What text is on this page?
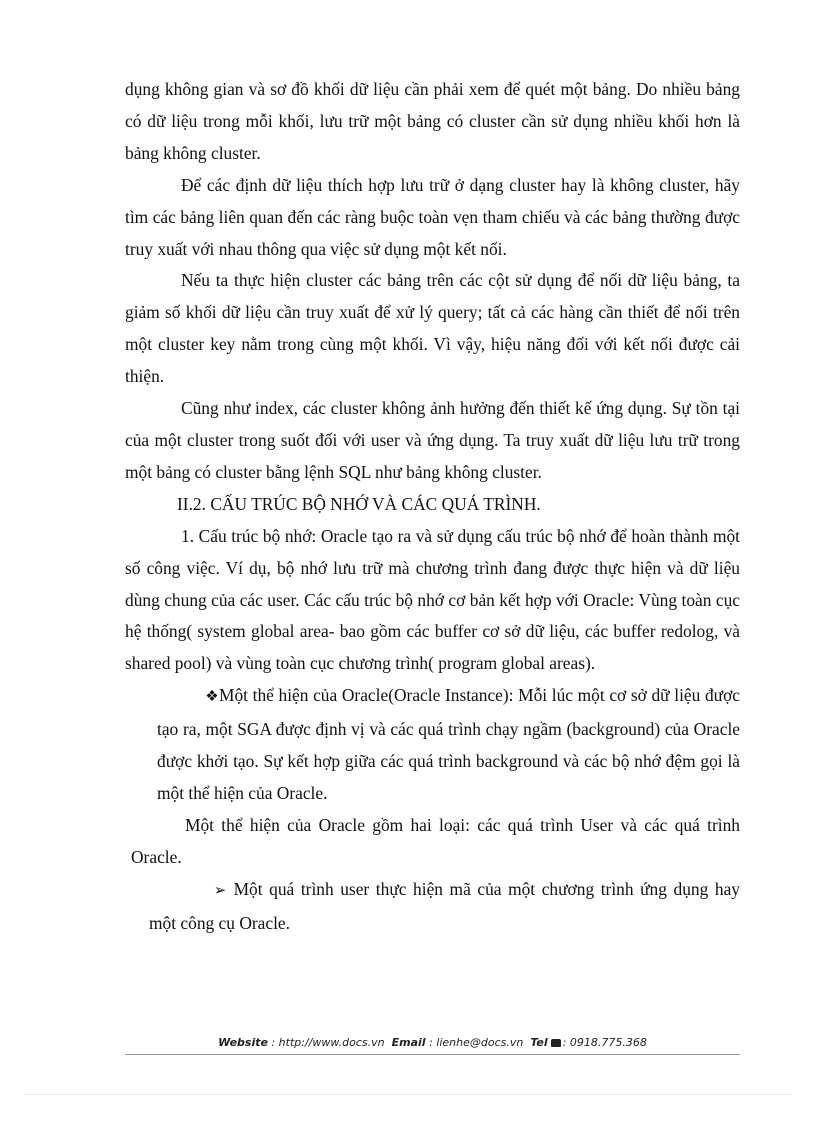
dụng không gian và sơ đồ khối dữ liệu cần phải xem để quét một bảng. Do nhiều bảng có dữ liệu trong mỗi khối, lưu trữ một bảng có cluster cần sử dụng nhiều khối hơn là bảng không cluster.

Để các định dữ liệu thích hợp lưu trữ ở dạng cluster hay là không cluster, hãy tìm các bảng liên quan đến các ràng buộc toàn vẹn tham chiếu và các bảng thường được truy xuất với nhau thông qua việc sử dụng một kết nối.

Nếu ta thực hiện cluster các bảng trên các cột sử dụng để nối dữ liệu bảng, ta giảm số khối dữ liệu cần truy xuất để xử lý query; tất cả các hàng cần thiết để nối trên một cluster key nằm trong cùng một khối. Vì vậy, hiệu năng đối với kết nối được cải thiện.

Cũng như index, các cluster không ảnh hưởng đến thiết kế ứng dụng. Sự tồn tại của một cluster trong suốt đối với user và ứng dụng. Ta truy xuất dữ liệu lưu trữ trong một bảng có cluster bằng lệnh SQL như bảng không cluster.

II.2. CẤU TRÚC BỘ NHỚ VÀ CÁC QUÁ TRÌNH.

1. Cấu trúc bộ nhớ: Oracle tạo ra và sử dụng cấu trúc bộ nhớ để hoàn thành một số công việc. Ví dụ, bộ nhớ lưu trữ mà chương trình đang được thực hiện và dữ liệu dùng chung của các user. Các cấu trúc bộ nhớ cơ bản kết hợp với Oracle: Vùng toàn cục hệ thống( system global area- bao gồm các buffer cơ sở dữ liệu, các buffer redolog, và shared pool) và vùng toàn cục chương trình( program global areas).

❖Một thể hiện của Oracle(Oracle Instance): Mỗi lúc một cơ sở dữ liệu được tạo ra, một SGA được định vị và các quá trình chạy ngầm (background) của Oracle được khởi tạo. Sự kết hợp giữa các quá trình background và các bộ nhớ đệm gọi là một thể hiện của Oracle.

Một thể hiện của Oracle gồm hai loại: các quá trình User và các quá trình Oracle.

➢ Một quá trình user thực hiện mã của một chương trình ứng dụng hay một công cụ Oracle.

Website : http://www.docs.vn Email : lienhe@docs.vn Tel : 0918.775.368
